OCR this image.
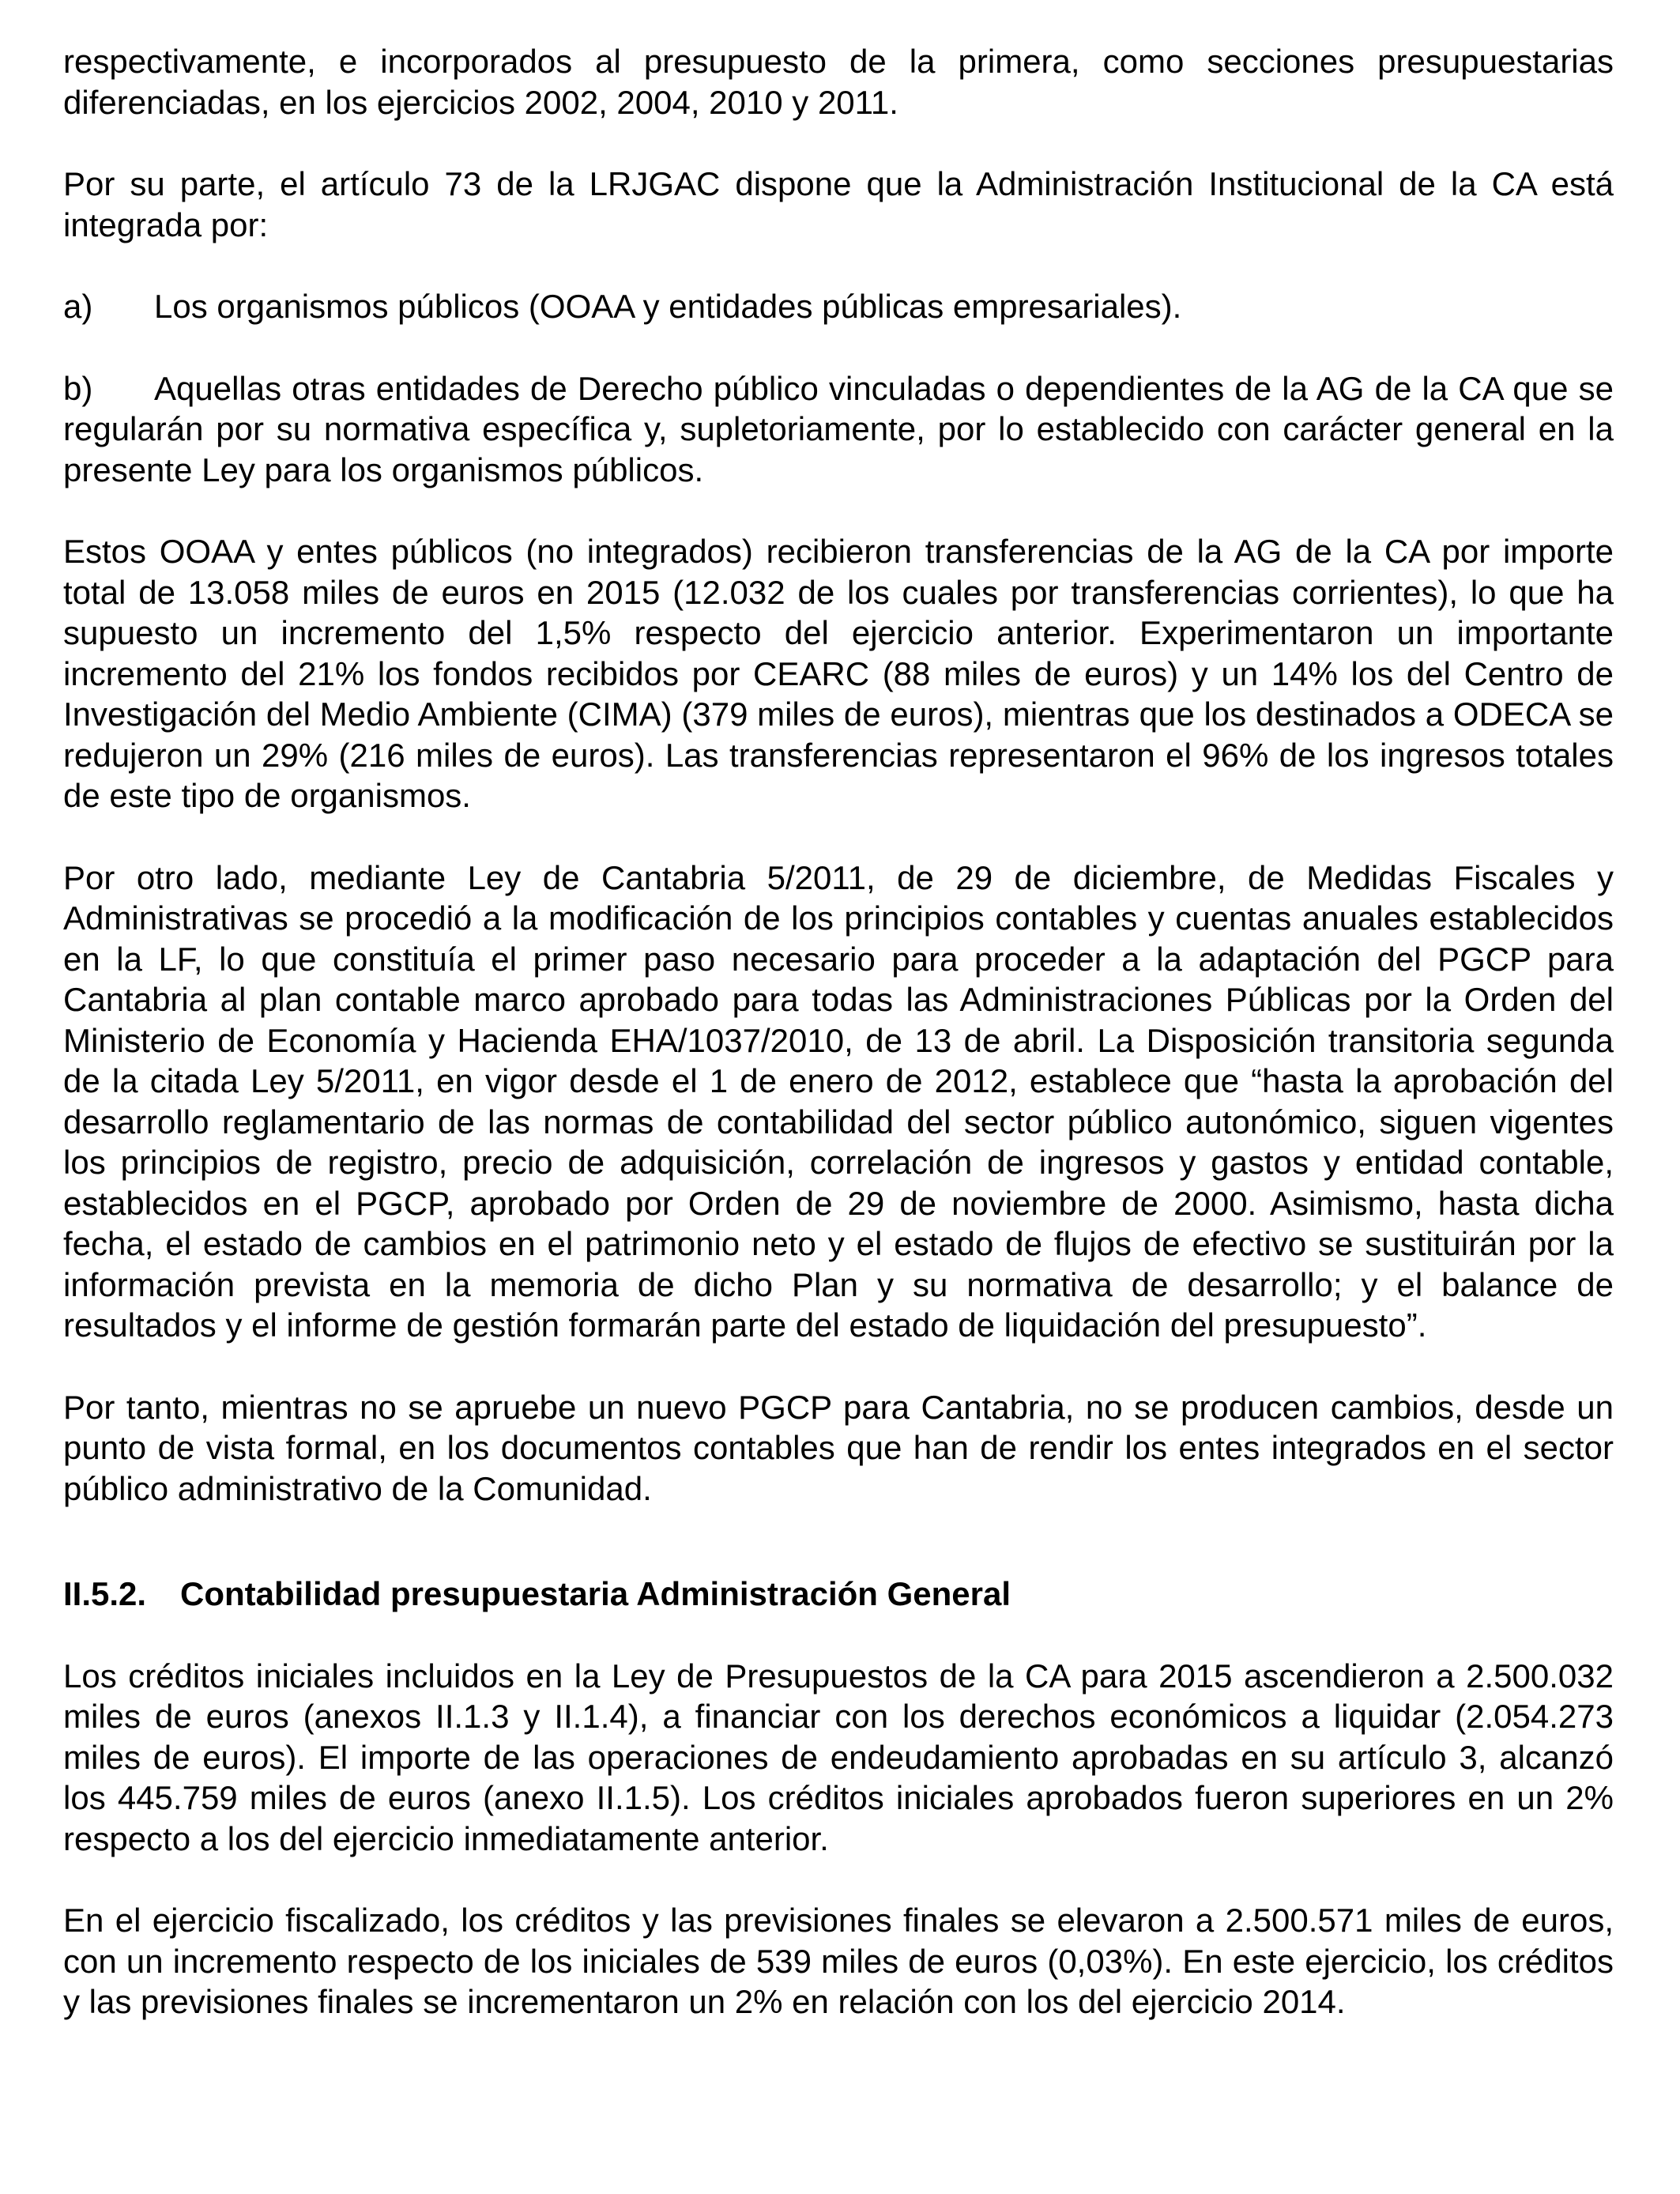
respectivamente, e incorporados al presupuesto de la primera, como secciones presupuestarias diferenciadas, en los ejercicios 2002, 2004, 2010 y 2011.

Por su parte, el artículo 73 de la LRJGAC dispone que la Administración Institucional de la CA está integrada por:

a) Los organismos públicos (OOAA y entidades públicas empresariales).
b) Aquellas otras entidades de Derecho público vinculadas o dependientes de la AG de la CA que se regularán por su normativa específica y, supletoriamente, por lo establecido con carácter general en la presente Ley para los organismos públicos.

Estos OOAA y entes públicos (no integrados) recibieron transferencias de la AG de la CA por importe total de 13.058 miles de euros en 2015 (12.032 de los cuales por transferencias corrientes), lo que ha supuesto un incremento del 1,5% respecto del ejercicio anterior. Experimentaron un importante incremento del 21% los fondos recibidos por CEARC (88 miles de euros) y un 14% los del Centro de Investigación del Medio Ambiente (CIMA) (379 miles de euros), mientras que los destinados a ODECA se redujeron un 29% (216 miles de euros). Las transferencias representaron el 96% de los ingresos totales de este tipo de organismos.

Por otro lado, mediante Ley de Cantabria 5/2011, de 29 de diciembre, de Medidas Fiscales y Administrativas se procedió a la modificación de los principios contables y cuentas anuales establecidos en la LF, lo que constituía el primer paso necesario para proceder a la adaptación del PGCP para Cantabria al plan contable marco aprobado para todas las Administraciones Públicas por la Orden del Ministerio de Economía y Hacienda EHA/1037/2010, de 13 de abril. La Disposición transitoria segunda de la citada Ley 5/2011, en vigor desde el 1 de enero de 2012, establece que “hasta la aprobación del desarrollo reglamentario de las normas de contabilidad del sector público autonómico, siguen vigentes los principios de registro, precio de adquisición, correlación de ingresos y gastos y entidad contable, establecidos en el PGCP, aprobado por Orden de 29 de noviembre de 2000. Asimismo, hasta dicha fecha, el estado de cambios en el patrimonio neto y el estado de flujos de efectivo se sustituirán por la información prevista en la memoria de dicho Plan y su normativa de desarrollo; y el balance de resultados y el informe de gestión formarán parte del estado de liquidación del presupuesto”.

Por tanto, mientras no se apruebe un nuevo PGCP para Cantabria, no se producen cambios, desde un punto de vista formal, en los documentos contables que han de rendir los entes integrados en el sector público administrativo de la Comunidad.

II.5.2. Contabilidad presupuestaria Administración General

Los créditos iniciales incluidos en la Ley de Presupuestos de la CA para 2015 ascendieron a 2.500.032 miles de euros (anexos II.1.3 y II.1.4), a financiar con los derechos económicos a liquidar (2.054.273 miles de euros). El importe de las operaciones de endeudamiento aprobadas en su artículo 3, alcanzó los 445.759 miles de euros (anexo II.1.5). Los créditos iniciales aprobados fueron superiores en un 2% respecto a los del ejercicio inmediatamente anterior.

En el ejercicio fiscalizado, los créditos y las previsiones finales se elevaron a 2.500.571 miles de euros, con un incremento respecto de los iniciales de 539 miles de euros (0,03%). En este ejercicio, los créditos y las previsiones finales se incrementaron un 2% en relación con los del ejercicio 2014.
